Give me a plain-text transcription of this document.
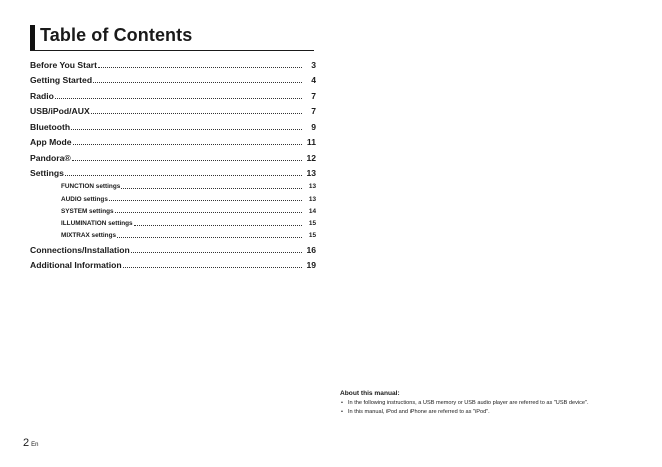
Table of Contents
Before You Start	3
Getting Started	4
Radio	7
USB/iPod/AUX	7
Bluetooth	9
App Mode	11
Pandora®	12
Settings	13
FUNCTION settings	13
AUDIO settings	13
SYSTEM settings	14
ILLUMINATION settings	15
MIXTRAX settings	15
Connections/Installation	16
Additional Information	19
About this manual:
• In the following instructions, a USB memory or USB audio player are referred to as "USB device".
• In this manual, iPod and iPhone are referred to as "iPod".
2 En
